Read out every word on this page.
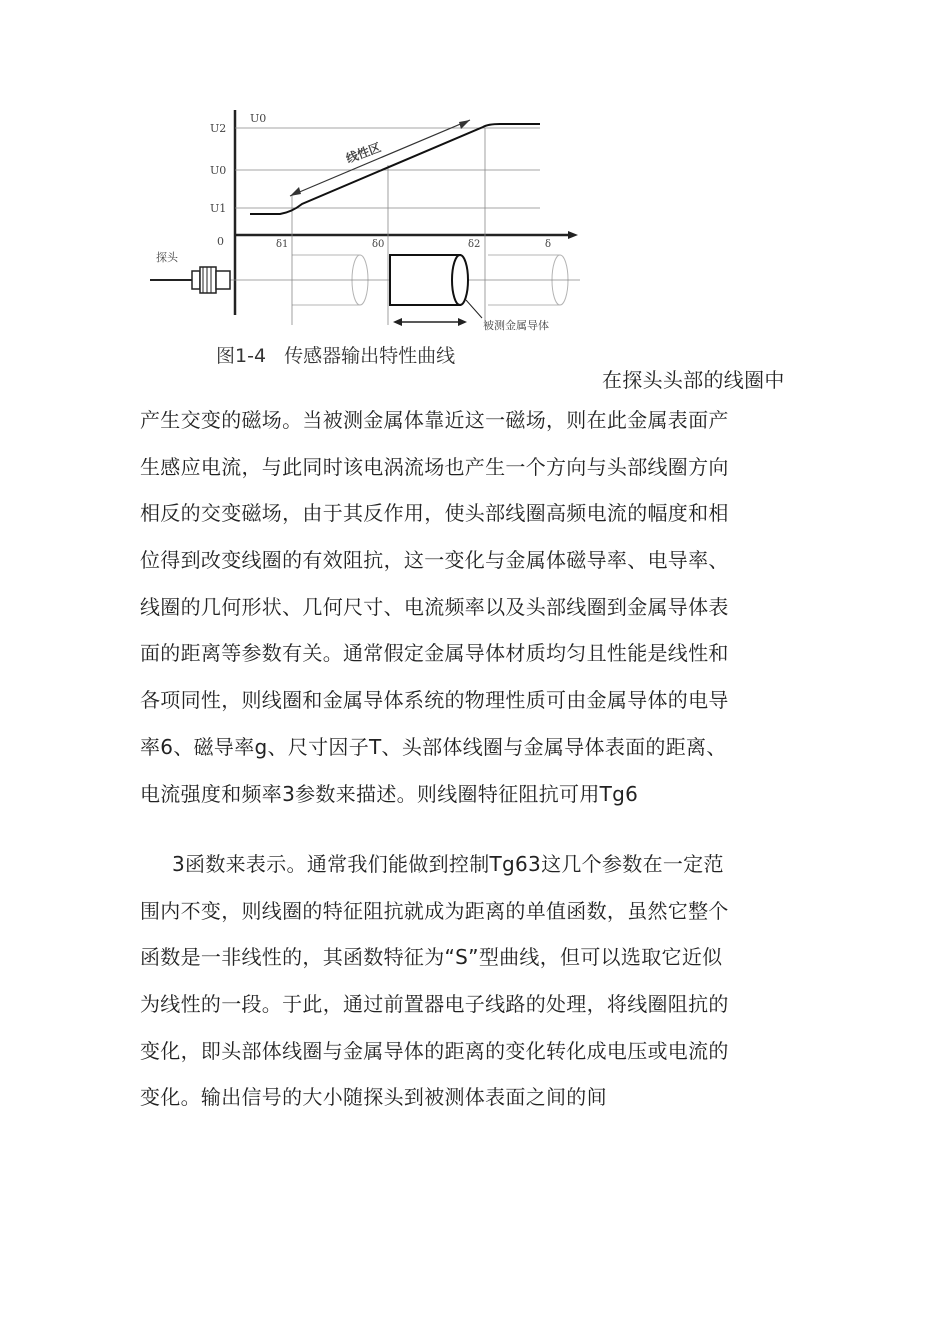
线性区
U0
U2
U0
U1
0	δ1	δ0	δ2	δ
探头
被测金属导体
图1-4   传感器输出特性曲线
在探头头部的线圈中
产生交变的磁场。当被测金属体靠近这一磁场，则在此金属表面产
生感应电流，与此同时该电涡流场也产生一个方向与头部线圈方向
相反的交变磁场，由于其反作用，使头部线圈高频电流的幅度和相
位得到改变线圈的有效阻抗，这一变化与金属体磁导率、电导率、
线圈的几何形状、几何尺寸、电流频率以及头部线圈到金属导体表
面的距离等参数有关。通常假定金属导体材质均匀且性能是线性和
各项同性，则线圈和金属导体系统的物理性质可由金属导体的电导
率6、磁导率g、尺寸因子T、头部体线圈与金属导体表面的距离、
电流强度和频率3参数来描述。则线圈特征阻抗可用Tg6
3函数来表示。通常我们能做到控制Tg63这几个参数在一定范
围内不变，则线圈的特征阻抗就成为距离的单值函数，虽然它整个
函数是一非线性的，其函数特征为“S”型曲线，但可以选取它近似
为线性的一段。于此，通过前置器电子线路的处理，将线圈阻抗的
变化，即头部体线圈与金属导体的距离的变化转化成电压或电流的
变化。输出信号的大小随探头到被测体表面之间的间
